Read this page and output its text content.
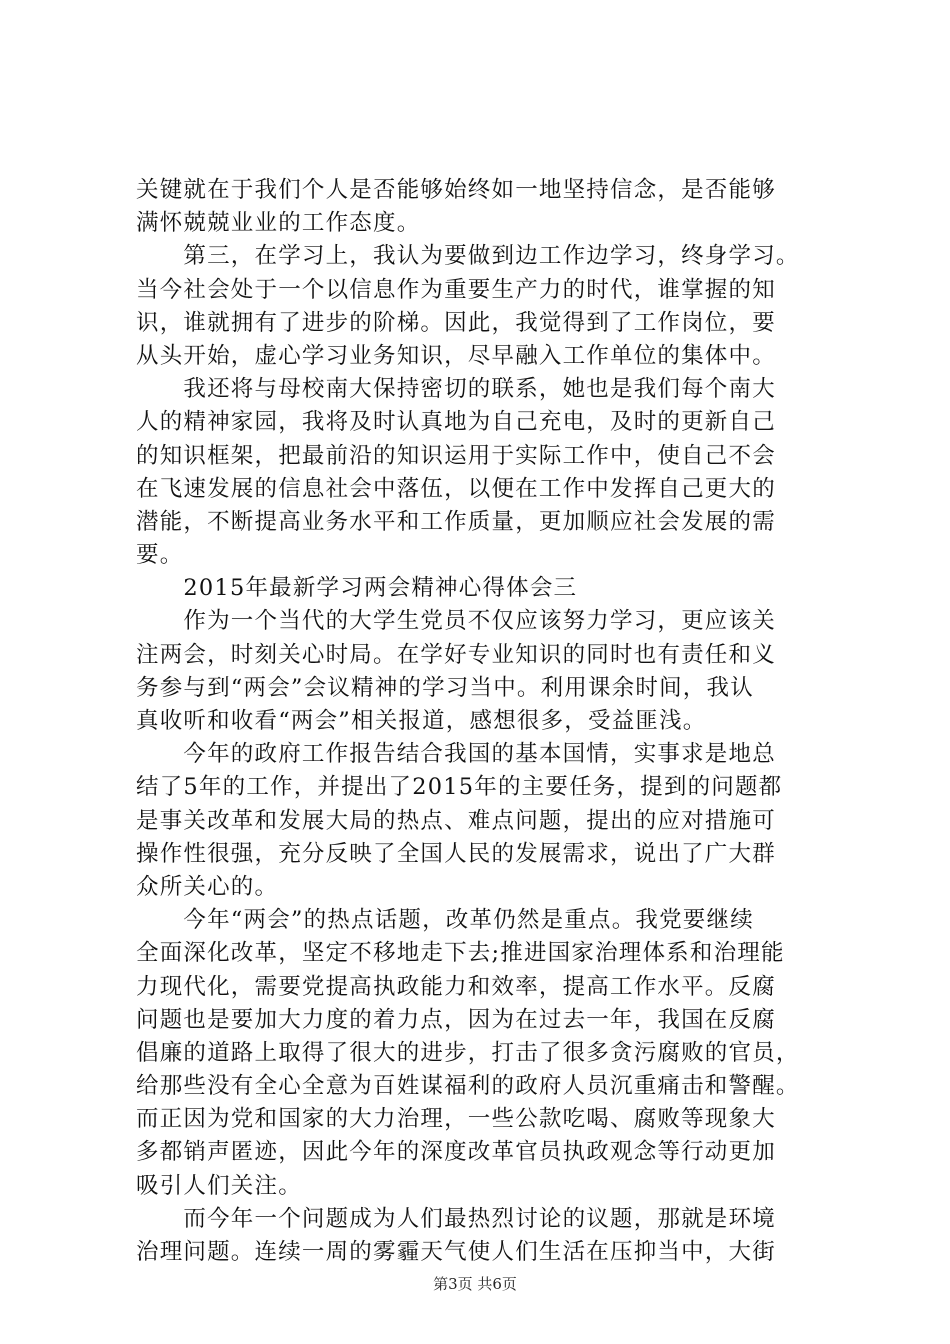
关键就在于我们个人是否能够始终如一地坚持信念，是否能够
满怀兢兢业业的工作态度。
　　第三，在学习上，我认为要做到边工作边学习，终身学习。
当今社会处于一个以信息作为重要生产力的时代，谁掌握的知
识，谁就拥有了进步的阶梯。因此，我觉得到了工作岗位，要
从头开始，虚心学习业务知识，尽早融入工作单位的集体中。
　　我还将与母校南大保持密切的联系，她也是我们每个南大
人的精神家园，我将及时认真地为自己充电，及时的更新自己
的知识框架，把最前沿的知识运用于实际工作中，使自己不会
在飞速发展的信息社会中落伍，以便在工作中发挥自己更大的
潜能，不断提高业务水平和工作质量，更加顺应社会发展的需
要。
　　2015年最新学习两会精神心得体会三
　　作为一个当代的大学生党员不仅应该努力学习，更应该关
注两会，时刻关心时局。在学好专业知识的同时也有责任和义
务参与到“两会”会议精神的学习当中。利用课余时间，我认
真收听和收看“两会”相关报道，感想很多，受益匪浅。
　　今年的政府工作报告结合我国的基本国情，实事求是地总
结了5年的工作，并提出了2015年的主要任务，提到的问题都
是事关改革和发展大局的热点、难点问题，提出的应对措施可
操作性很强，充分反映了全国人民的发展需求，说出了广大群
众所关心的。
　　今年“两会”的热点话题，改革仍然是重点。我党要继续
全面深化改革，坚定不移地走下去;推进国家治理体系和治理能
力现代化，需要党提高执政能力和效率，提高工作水平。反腐
问题也是要加大力度的着力点，因为在过去一年，我国在反腐
倡廉的道路上取得了很大的进步，打击了很多贪污腐败的官员，
给那些没有全心全意为百姓谋福利的政府人员沉重痛击和警醒。
而正因为党和国家的大力治理，一些公款吃喝、腐败等现象大
多都销声匿迹，因此今年的深度改革官员执政观念等行动更加
吸引人们关注。
　　而今年一个问题成为人们最热烈讨论的议题，那就是环境
治理问题。连续一周的雾霾天气使人们生活在压抑当中，大街
第3页 共6页
